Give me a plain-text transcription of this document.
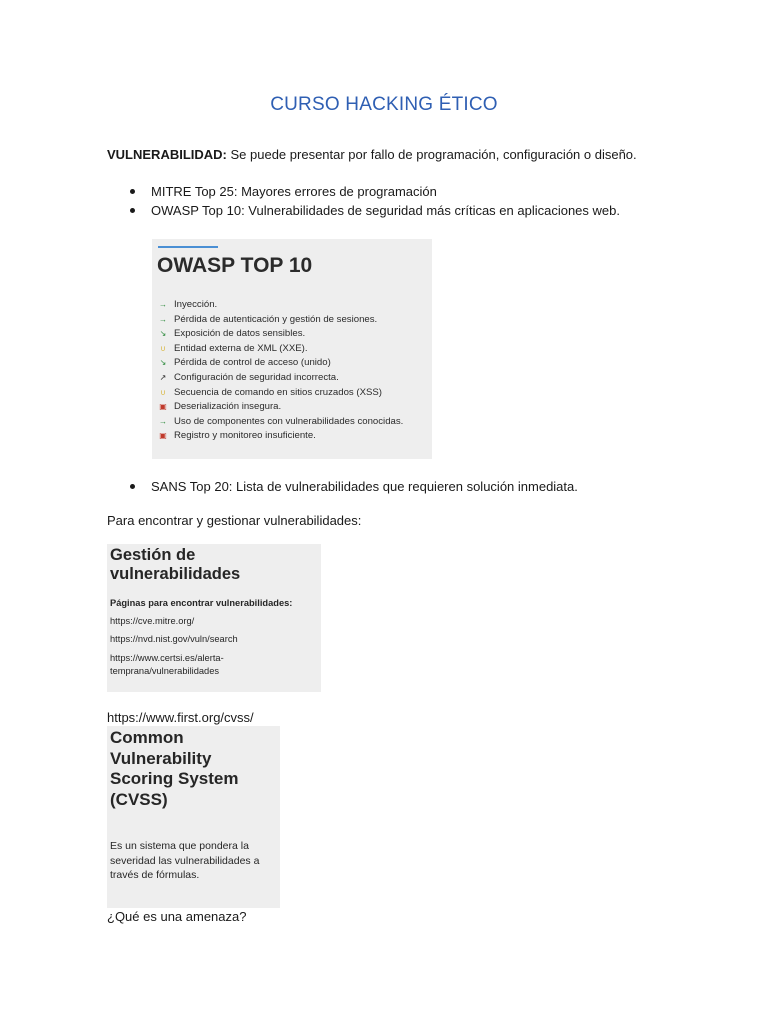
CURSO HACKING ÉTICO
VULNERABILIDAD: Se puede presentar por fallo de programación, configuración o diseño.
MITRE Top 25: Mayores errores de programación
OWASP Top 10: Vulnerabilidades de seguridad más críticas en aplicaciones web.
OWASP TOP 10
→ Inyección.
→ Pérdida de autenticación y gestión de sesiones.
↘ Exposición de datos sensibles.
∪ Entidad externa de XML (XXE).
↘ Pérdida de control de acceso (unido)
↗ Configuración de seguridad incorrecta.
∪ Secuencia de comando en sitios cruzados (XSS)
▣ Deserialización insegura.
→ Uso de componentes con vulnerabilidades conocidas.
▣ Registro y monitoreo insuficiente.
SANS Top 20: Lista de vulnerabilidades que requieren solución inmediata.
Para encontrar y gestionar vulnerabilidades:
Gestión de vulnerabilidades
Páginas para encontrar vulnerabilidades:
https://cve.mitre.org/
https://nvd.nist.gov/vuln/search
https://www.certsi.es/alerta-temprana/vulnerabilidades
https://www.first.org/cvss/
Common Vulnerability Scoring System (CVSS)
Es un sistema que pondera la severidad las vulnerabilidades a través de fórmulas.
¿Qué es una amenaza?
